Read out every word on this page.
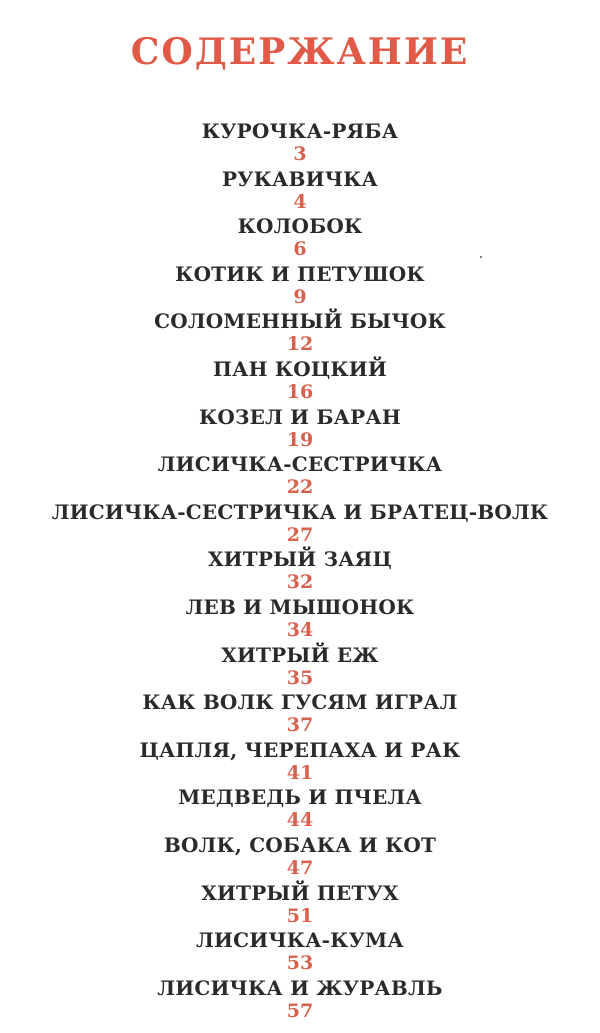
СОДЕРЖАНИЕ
КУРОЧКА-РЯБА
3
РУКАВИЧКА
4
КОЛОБОК
6
КОТИК И ПЕТУШОК
9
СОЛОМЕННЫЙ БЫЧОК
12
ПАН КОЦКИЙ
16
КОЗЕЛ И БАРАН
19
ЛИСИЧКА-СЕСТРИЧКА
22
ЛИСИЧКА-СЕСТРИЧКА И БРАТЕЦ-ВОЛК
27
ХИТРЫЙ ЗАЯЦ
32
ЛЕВ И МЫШОНОК
34
ХИТРЫЙ ЕЖ
35
КАК ВОЛК ГУСЯМ ИГРАЛ
37
ЦАПЛЯ, ЧЕРЕПАХА И РАК
41
МЕДВЕДЬ И ПЧЕЛА
44
ВОЛК, СОБАКА И КОТ
47
ХИТРЫЙ ПЕТУХ
51
ЛИСИЧКА-КУМА
53
ЛИСИЧКА И ЖУРАВЛЬ
57
